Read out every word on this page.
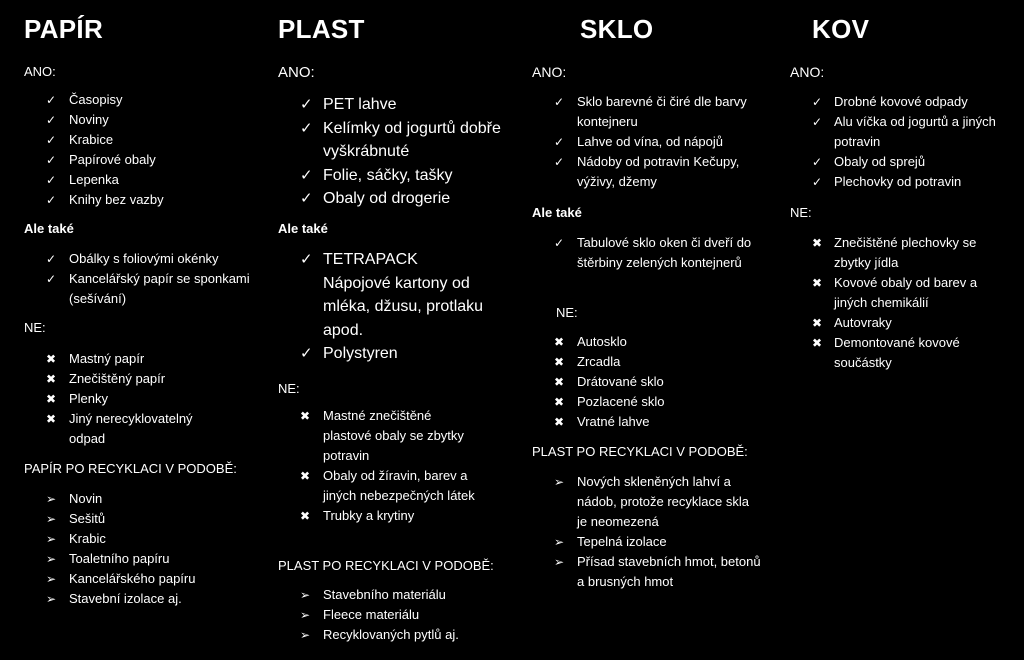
PAPÍR
ANO:
✓ Časopisy
✓ Noviny
✓ Krabice
✓ Papírové obaly
✓ Lepenka
✓ Knihy bez vazby
Ale také
✓ Obálky s foliovými okénky
✓ Kancelářský papír se sponkami (sešívání)
NE:
✖ Mastný papír
✖ Znečištěný papír
✖ Plenky
✖ Jiný nerecyklovatelný odpad
PAPÍR PO RECYKLACI V PODOBĚ:
➢ Novin
➢ Sešitů
➢ Krabic
➢ Toaletního papíru
➢ Kancelářského papíru
➢ Stavební izolace aj.
PLAST
ANO:
✓ PET lahve
✓ Kelímky od jogurtů dobře vyškrábnuté
✓ Folie, sáčky, tašky
✓ Obaly od drogerie
Ale také
✓ TETRAPACK Nápojové kartony od mléka, džusu, protlaku apod.
✓ Polystyren
NE:
✖ Mastné znečištěné plastové obaly se zbytky potravin
✖ Obaly od žíravin, barev a jiných nebezpečných látek
✖ Trubky a krytiny
PLAST PO RECYKLACI V PODOBĚ:
➢ Stavebního materiálu
➢ Fleece materiálu
➢ Recyklovaných pytlů aj.
SKLO
ANO:
✓ Sklo barevné či čiré dle barvy kontejneru
✓ Lahve od vína, od nápojů
✓ Nádoby od potravin Kečupy, výživy, džemy
Ale také
✓ Tabulové sklo oken či dveří do štěrbiny zelených kontejnerů
NE:
✖ Autosklo
✖ Zrcadla
✖ Drátované sklo
✖ Pozlacené sklo
✖ Vratné lahve
PLAST PO RECYKLACI V PODOBĚ:
➢ Nových skleněných lahví a nádob, protože recyklace skla je neomezená
➢ Tepelná izolace
➢ Přísad stavebních hmot, betonů a brusných hmot
KOV
ANO:
✓ Drobné kovové odpady
✓ Alu víčka od jogurtů a jiných potravin
✓ Obaly od sprejů
✓ Plechovky od potravin
NE:
✖ Znečištěné plechovky se zbytky jídla
✖ Kovové obaly od barev a jiných chemikálií
✖ Autovraky
✖ Demontované kovové součástky
